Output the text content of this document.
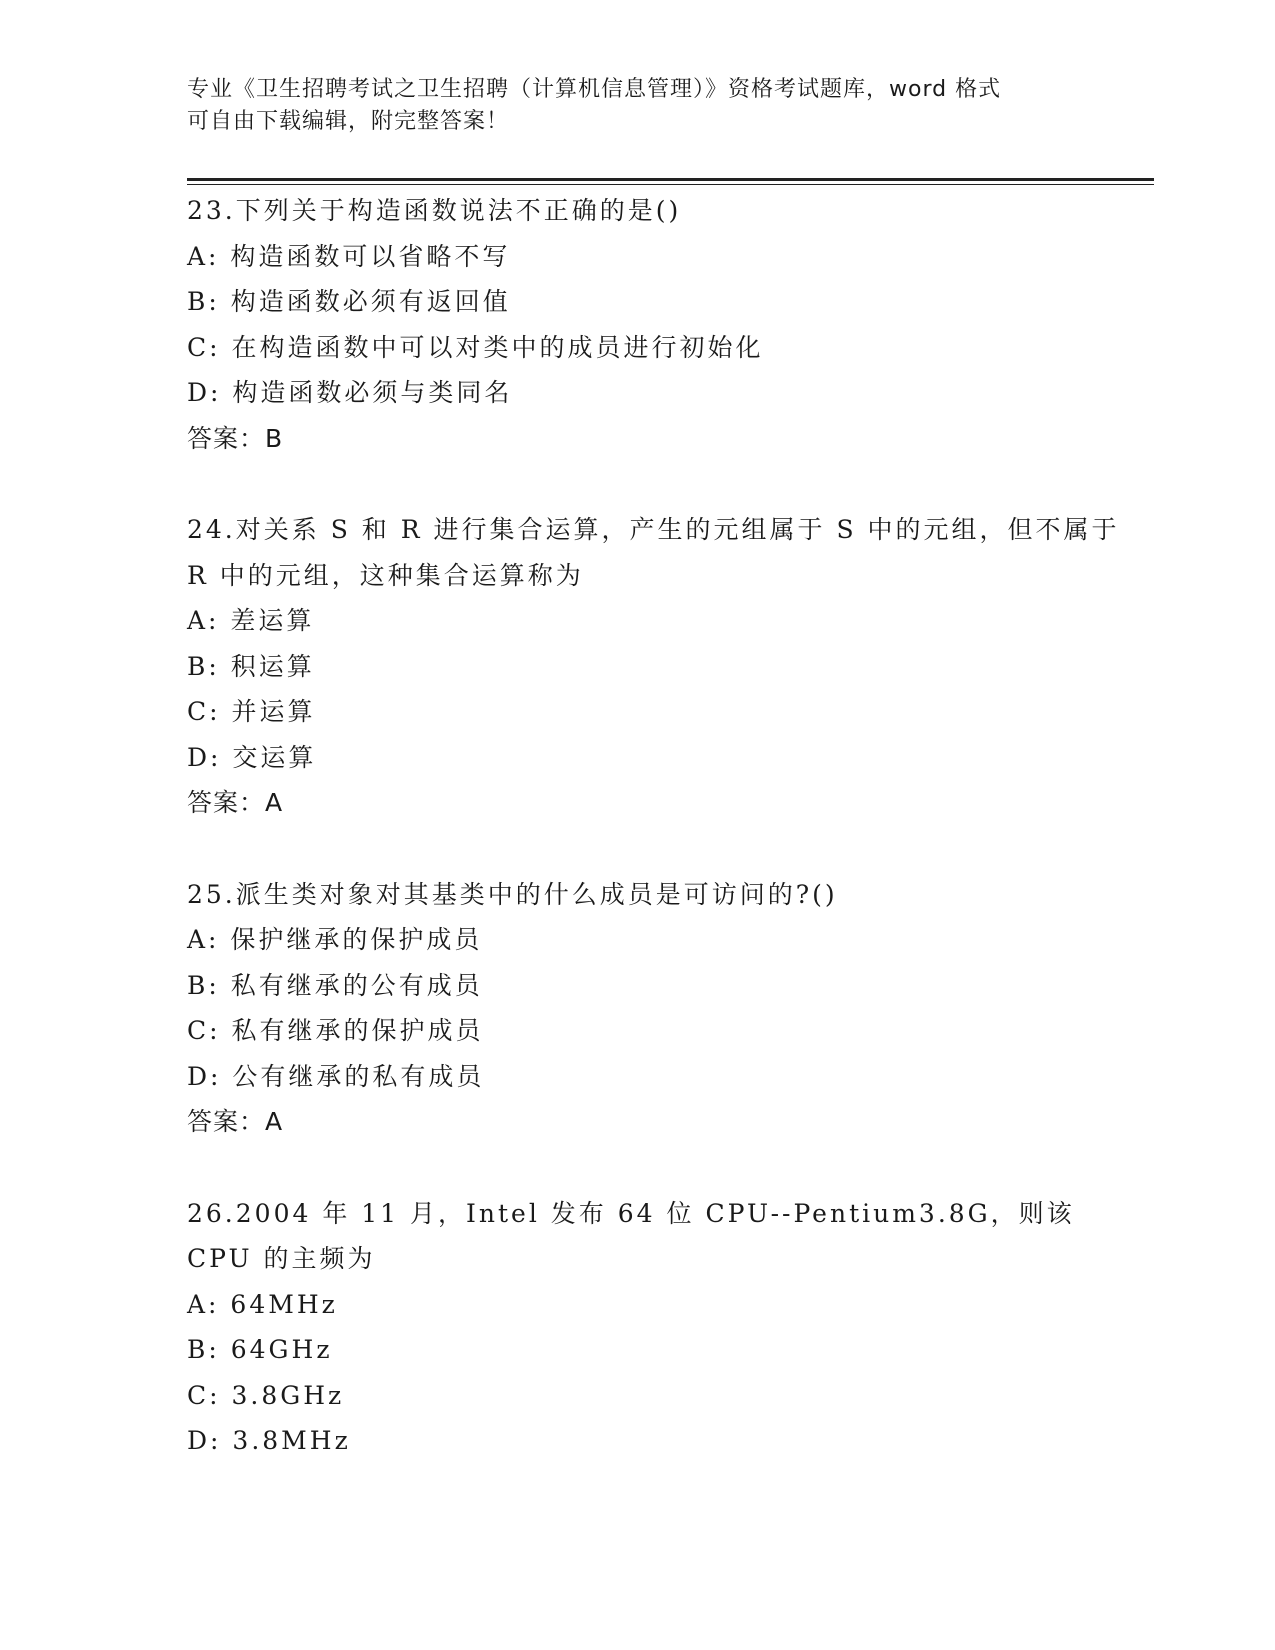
专业《卫生招聘考试之卫生招聘（计算机信息管理）》资格考试题库，word 格式
可自由下载编辑，附完整答案！
23.下列关于构造函数说法不正确的是()
A: 构造函数可以省略不写
B: 构造函数必须有返回值
C: 在构造函数中可以对类中的成员进行初始化
D: 构造函数必须与类同名
答案：B
24.对关系 S 和 R 进行集合运算，产生的元组属于 S 中的元组，但不属于 R 中的元组，这种集合运算称为
A: 差运算
B: 积运算
C: 并运算
D: 交运算
答案：A
25.派生类对象对其基类中的什么成员是可访问的?()
A: 保护继承的保护成员
B: 私有继承的公有成员
C: 私有继承的保护成员
D: 公有继承的私有成员
答案：A
26.2004 年 11 月，Intel 发布 64 位 CPU--Pentium3.8G，则该 CPU 的主频为
A: 64MHz
B: 64GHz
C: 3.8GHz
D: 3.8MHz
